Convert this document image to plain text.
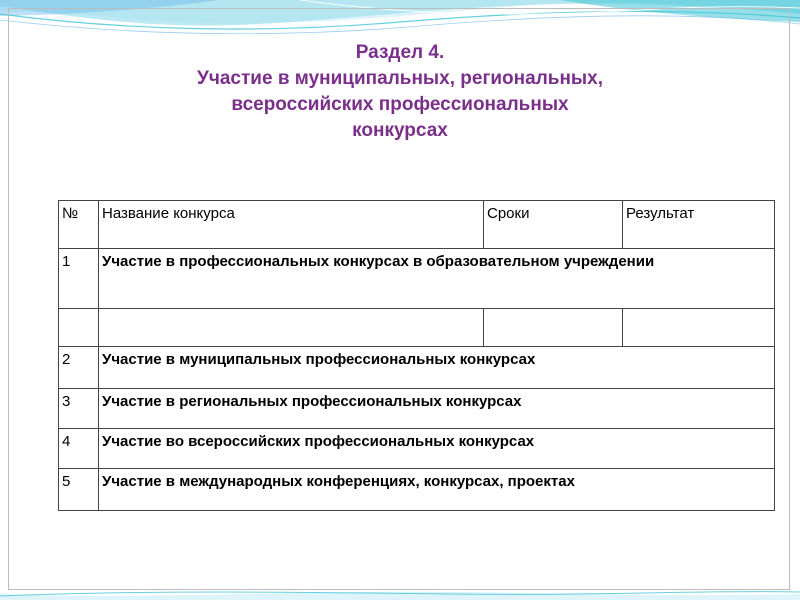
Раздел 4.
Участие в муниципальных, региональных,
всероссийских профессиональных
конкурсах
№	Название конкурса	Сроки	Результат
1	Участие в профессиональных конкурсах в образовательном учреждении		

2	Участие в муниципальных профессиональных конкурсах		
3	Участие в региональных профессиональных конкурсах		
4	Участие во всероссийских профессиональных конкурсах		
5	Участие в международных конференциях, конкурсах, проектах		
